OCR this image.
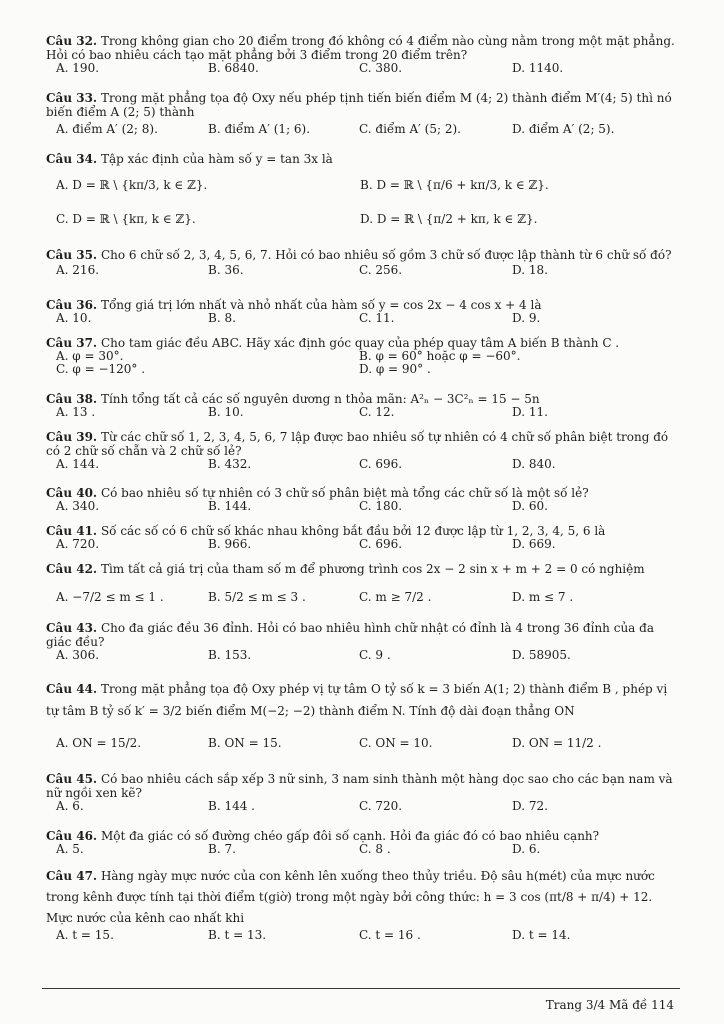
Câu 32. Trong không gian cho 20 điểm trong đó không có 4 điểm nào cùng nằm trong một mặt phẳng. Hỏi có bao nhiêu cách tạo mặt phẳng bởi 3 điểm trong 20 điểm trên?

A. 190.	B. 6840.	C. 380.	D. 1140.

Câu 33. Trong mặt phẳng tọa độ Oxy nếu phép tịnh tiến biến điểm M (4; 2) thành điểm M′(4; 5) thì nó biến điểm A (2; 5) thành

A. điểm A′ (2; 8).	B. điểm A′ (1; 6).	C. điểm A′ (5; 2).	D. điểm A′ (2; 5).

Câu 34. Tập xác định của hàm số y = tan 3x là

A. D = ℝ \ {kπ/3, k ∈ ℤ}.	B. D = ℝ \ {π/6 + kπ/3, k ∈ ℤ}.
C. D = ℝ \ {kπ, k ∈ ℤ}.	D. D = ℝ \ {π/2 + kπ, k ∈ ℤ}.

Câu 35. Cho 6 chữ số 2, 3, 4, 5, 6, 7. Hỏi có bao nhiêu số gồm 3 chữ số được lập thành từ 6 chữ số đó?

A. 216.	B. 36.	C. 256.	D. 18.

Câu 36. Tổng giá trị lớn nhất và nhỏ nhất của hàm số y = cos 2x − 4 cos x + 4 là

A. 10.	B. 8.	C. 11.	D. 9.

Câu 37. Cho tam giác đều ABC. Hãy xác định góc quay của phép quay tâm A biến B thành C .

A. φ = 30°.	B. φ = 60° hoặc φ = −60°.
C. φ = −120° .	D. φ = 90° .

Câu 38. Tính tổng tất cả các số nguyên dương n thỏa mãn: A²ₙ − 3C²ₙ = 15 − 5n

A. 13 .	B. 10.	C. 12.	D. 11.

Câu 39. Từ các chữ số 1, 2, 3, 4, 5, 6, 7 lập được bao nhiêu số tự nhiên có 4 chữ số phân biệt trong đó có 2 chữ số chẵn và 2 chữ số lẻ?

A. 144.	B. 432.	C. 696.	D. 840.

Câu 40. Có bao nhiêu số tự nhiên có 3 chữ số phân biệt mà tổng các chữ số là một số lẻ?

A. 340.	B. 144.	C. 180.	D. 60.

Câu 41. Số các số có 6 chữ số khác nhau không bắt đầu bởi 12 được lập từ 1, 2, 3, 4, 5, 6 là

A. 720.	B. 966.	C. 696.	D. 669.

Câu 42. Tìm tất cả giá trị của tham số m để phương trình cos 2x − 2 sin x + m + 2 = 0 có nghiệm

A. −7/2 ≤ m ≤ 1 .	B. 5/2 ≤ m ≤ 3 .	C. m ≥ 7/2 .	D. m ≤ 7 .

Câu 43. Cho đa giác đều 36 đỉnh. Hỏi có bao nhiêu hình chữ nhật có đỉnh là 4 trong 36 đỉnh của đa giác đều?

A. 306.	B. 153.	C. 9 .	D. 58905.

Câu 44. Trong mặt phẳng tọa độ Oxy phép vị tự tâm O tỷ số k = 3 biến A(1; 2) thành điểm B , phép vị tự tâm B tỷ số k′ = 3/2 biến điểm M(−2; −2) thành điểm N. Tính độ dài đoạn thẳng ON

A. ON = 15/2.	B. ON = 15.	C. ON = 10.	D. ON = 11/2 .

Câu 45. Có bao nhiêu cách sắp xếp 3 nữ sinh, 3 nam sinh thành một hàng dọc sao cho các bạn nam và nữ ngồi xen kẽ?

A. 6.	B. 144 .	C. 720.	D. 72.

Câu 46. Một đa giác có số đường chéo gấp đôi số cạnh. Hỏi đa giác đó có bao nhiêu cạnh?

A. 5.	B. 7.	C. 8 .	D. 6.

Câu 47. Hàng ngày mực nước của con kênh lên xuống theo thủy triều. Độ sâu h(mét) của mực nước trong kênh được tính tại thời điểm t(giờ) trong một ngày bởi công thức: h = 3 cos (πt/8 + π/4) + 12. Mực nước của kênh cao nhất khi

A. t = 15.	B. t = 13.	C. t = 16 .	D. t = 14.
Trang 3/4 Mã đề 114
